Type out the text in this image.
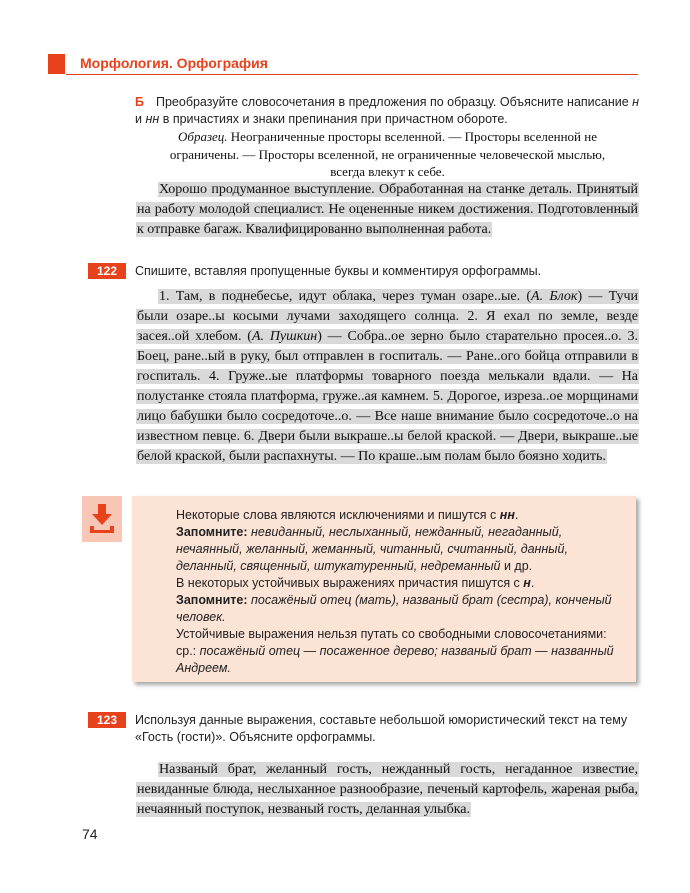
Морфология. Орфография
Б Преобразуйте словосочетания в предложения по образцу. Объясните написание н и нн в причастиях и знаки препинания при причастном обороте.
Образец. Неограниченные просторы вселенной. — Просторы вселенной не ограничены. — Просторы вселенной, не ограниченные человеческой мыслью, всегда влекут к себе.
Хорошо продуманное выступление. Обработанная на станке деталь. Принятый на работу молодой специалист. Не оцененные никем достижения. Подготовленный к отправке багаж. Квалифицированно выполненная работа.
122	Спишите, вставляя пропущенные буквы и комментируя орфограммы.
1. Там, в поднебесье, идут облака, через туман озаре..ые. (А. Блок) — Тучи были озаре..ы косыми лучами заходящего солнца. 2. Я ехал по земле, везде засея..ой хлебом. (А. Пушкин) — Собра..ое зерно было старательно просея..о. 3. Боец, ране..ый в руку, был отправлен в госпиталь. — Ране..ого бойца отправили в госпиталь. 4. Груже..ые платформы товарного поезда мелькали вдали. — На полустанке стояла платформа, груже..ая камнем. 5. Дорогое, изреза..ое морщинами лицо бабушки было сосредоточе..о. — Все наше внимание было сосредоточе..о на известном певце. 6. Двери были выкраше..ы белой краской. — Двери, выкраше..ые белой краской, были распахнуты. — По краше..ым полам было боязно ходить.

Некоторые слова являются исключениями и пишутся с нн.

Запомните: невиданный, неслыханный, нежданный, негаданный, нечаянный, желанный, жеманный, читанный, считанный, данный, деланный, священный, штукатуренный, недреманный и др.

В некоторых устойчивых выражениях причастия пишутся с н.

Запомните: посажёный отец (мать), названый брат (сестра), конченый человек.

Устойчивые выражения нельзя путать со свободными словосочетаниями: ср.: посажёный отец — посаженное дерево; названый брат — названный Андреем.

123	Используя данные выражения, составьте небольшой юмористический текст на тему «Гость (гости)». Объясните орфограммы.
Названый брат, желанный гость, нежданный гость, негаданное известие, невиданные блюда, неслыханное разнообразие, печеный картофель, жареная рыба, нечаянный поступок, незваный гость, деланная улыбка.
74
